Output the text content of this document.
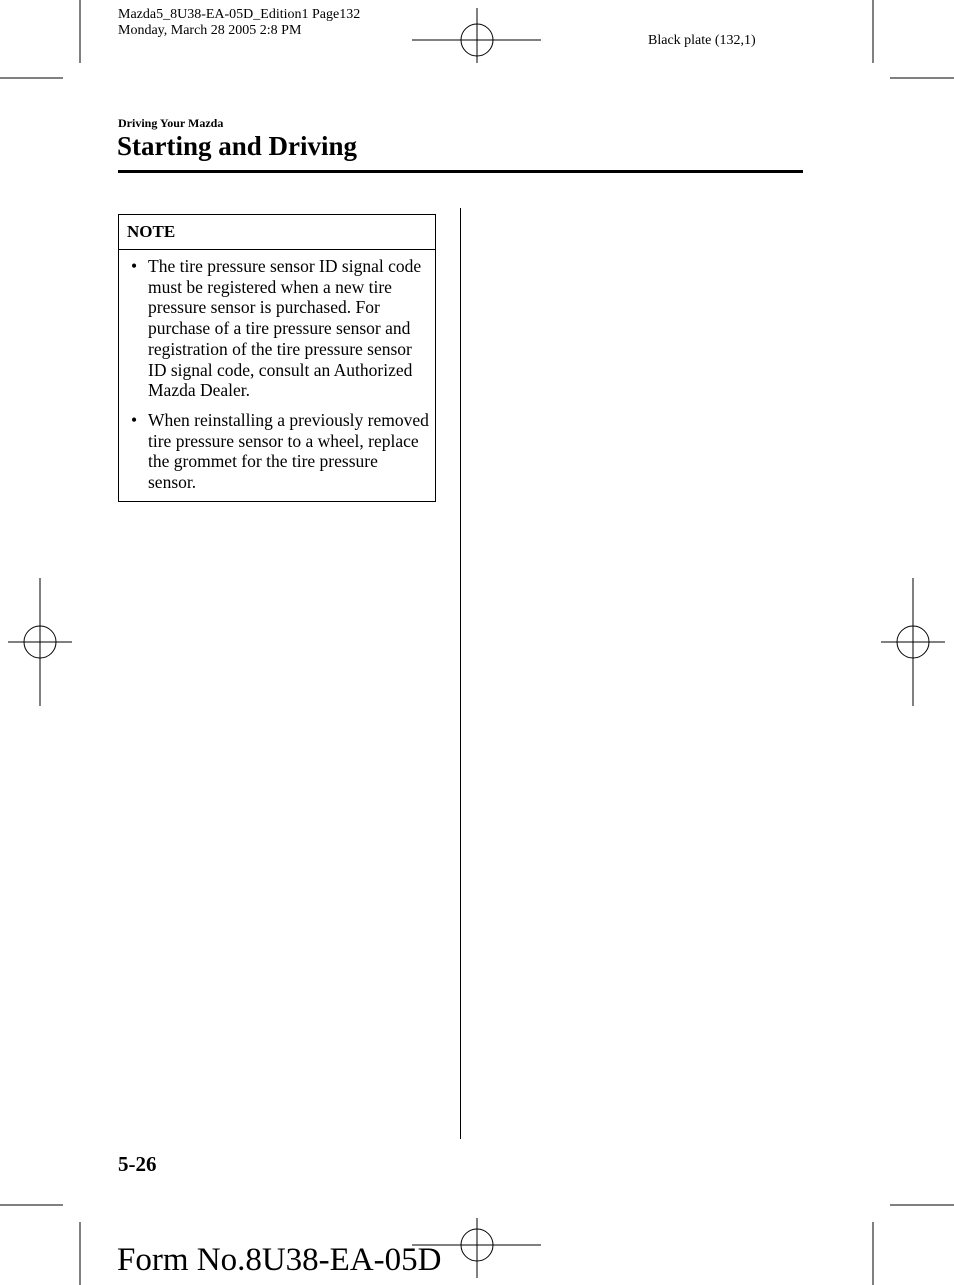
Mazda5_8U38-EA-05D_Edition1 Page132
Monday, March 28 2005 2:8 PM
Black plate (132,1)
Driving Your Mazda
Starting and Driving
NOTE
• The tire pressure sensor ID signal code must be registered when a new tire pressure sensor is purchased. For purchase of a tire pressure sensor and registration of the tire pressure sensor ID signal code, consult an Authorized Mazda Dealer.
• When reinstalling a previously removed tire pressure sensor to a wheel, replace the grommet for the tire pressure sensor.
5-26
Form No.8U38-EA-05D
